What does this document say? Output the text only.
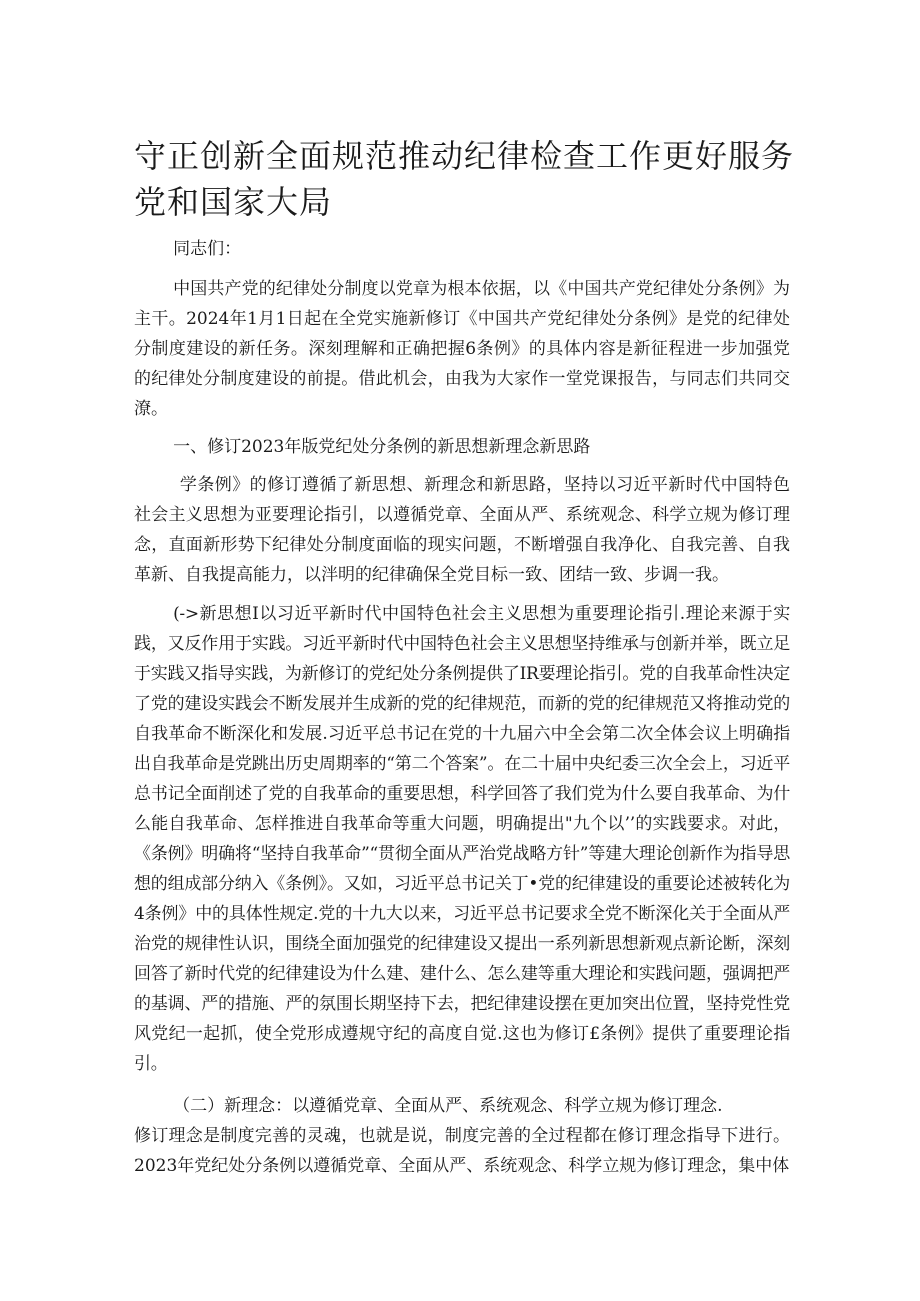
守正创新全面规范推动纪律检查工作更好服务党和国家大局

同志们：

中国共产党的纪律处分制度以党章为根本依据，以《中国共产党纪律处分条例》为主干。2024年1月1日起在全党实施新修订《中国共产党纪律处分条例》是党的纪律处分制度建设的新任务。深刻理解和正确把握6条例》的具体内容是新征程进一步加强党的纪律处分制度建设的前提。借此机会，由我为大家作一堂党课报告，与同志们共同交潦。

一、修订2023年版党纪处分条例的新思想新理念新思路

学条例》的修订遵循了新思想、新理念和新思路，坚持以习近平新时代中国特色社会主义思想为亚要理论指引，以遵循党章、全面从严、系统观念、科学立规为修订理念，直面新形势下纪律处分制度面临的现实问题，不断增强自我净化、自我完善、自我革新、自我提高能力，以泮明的纪律确保全党目标一致、团结一致、步调一我。

(->新思想I以习近平新时代中国特色社会主义思想为重要理论指引.理论来源于实践，又反作用于实践。习近平新时代中国特色社会主义思想坚持维承与创新并举，既立足于实践又指导实践，为新修订的党纪处分条例提供了IR要理论指引。党的自我革命性决定了党的建设实践会不断发展并生成新的党的纪律规范，而新的党的纪律规范又将推动党的自我革命不断深化和发展.习近平总书记在党的十九届六中全会第二次全体会议上明确指出自我革命是党跳出历史周期率的“第二个答案”。在二十届中央纪委三次全会上，习近平总书记全面削述了党的自我革命的重要思想，科学回答了我们党为什么要自我革命、为什么能自我革命、怎样推进自我革命等重大问题，明确提出"九个以’’的实践要求。对此，《条例》明确将“坚持自我革命”“贯彻全面从严治党战略方针”等建大理论创新作为指导思想的组成部分纳入《条例》。又如，习近平总书记关丁•党的纪律建设的重要论述被转化为4条例》中的具体性规定.党的十九大以来，习近平总书记要求全党不断深化关于全面从严治党的规律性认识，围绕全面加强党的纪律建设又提出一系列新思想新观点新论断，深刻回答了新时代党的纪律建设为什么建、建什么、怎么建等重大理论和实践问题，强调把严的基调、严的措施、严的氛围长期坚持下去，把纪律建设摆在更加突出位置，坚持党性党风党纪一起抓，使全党形成遵规守纪的高度自觉.这也为修订£条例》提供了重要理论指引。

（二）新理念：以遵循党章、全面从严、系统观念、科学立规为修订理念.

修订理念是制度完善的灵魂，也就是说，制度完善的全过程都在修订理念指导下进行。2023年党纪处分条例以遵循党章、全面从严、系统观念、科学立规为修订理念，集中体
